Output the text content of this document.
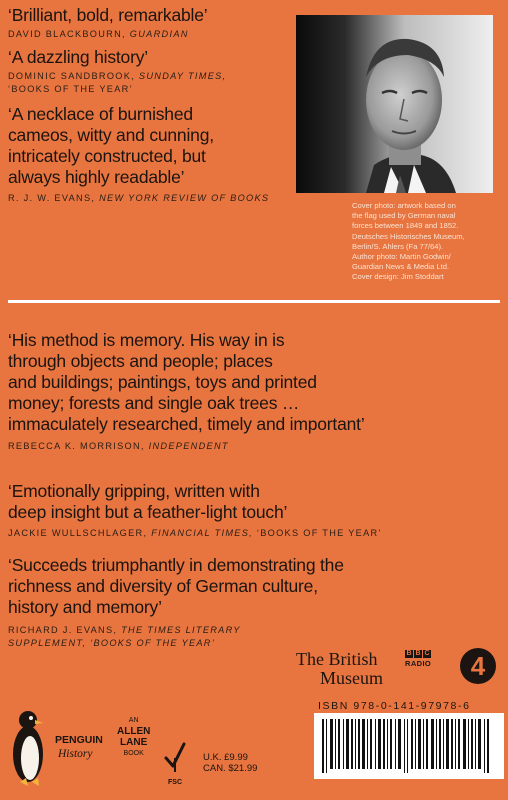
‘Brilliant, bold, remarkable’
DAVID BLACKBOURN, GUARDIAN
‘A dazzling history’
DOMINIC SANDBROOK, SUNDAY TIMES,
‘BOOKS OF THE YEAR’
‘A necklace of burnished
cameos, witty and cunning,
intricately constructed, but
always highly readable’
R. J. W. EVANS, NEW YORK REVIEW OF BOOKS
Cover photo: artwork based on
the flag used by German naval
forces between 1849 and 1852.
Deutsches Historisches Museum,
Berlin/S. Ahlers (Fa 77/64).
Author photo: Martin Godwin/
Guardian News & Media Ltd.
Cover design: Jim Stoddart
‘His method is memory. His way in is
through objects and people; places
and buildings; paintings, toys and printed
money; forests and single oak trees …
immaculately researched, timely and important’
REBECCA K. MORRISON, INDEPENDENT
‘Emotionally gripping, written with
deep insight but a feather-light touch’
JACKIE WULLSCHLAGER, FINANCIAL TIMES, ‘BOOKS OF THE YEAR’
‘Succeeds triumphantly in demonstrating the
richness and diversity of German culture,
history and memory’
RICHARD J. EVANS, THE TIMES LITERARY
SUPPLEMENT, ‘BOOKS OF THE YEAR’
The British
Museum
B B C
RADIO	4
ISBN 978-0-141-97978-6
PENGUIN
History
AN
ALLEN
LANE
BOOK
FSC
U.K. £9.99
CAN. $21.99
